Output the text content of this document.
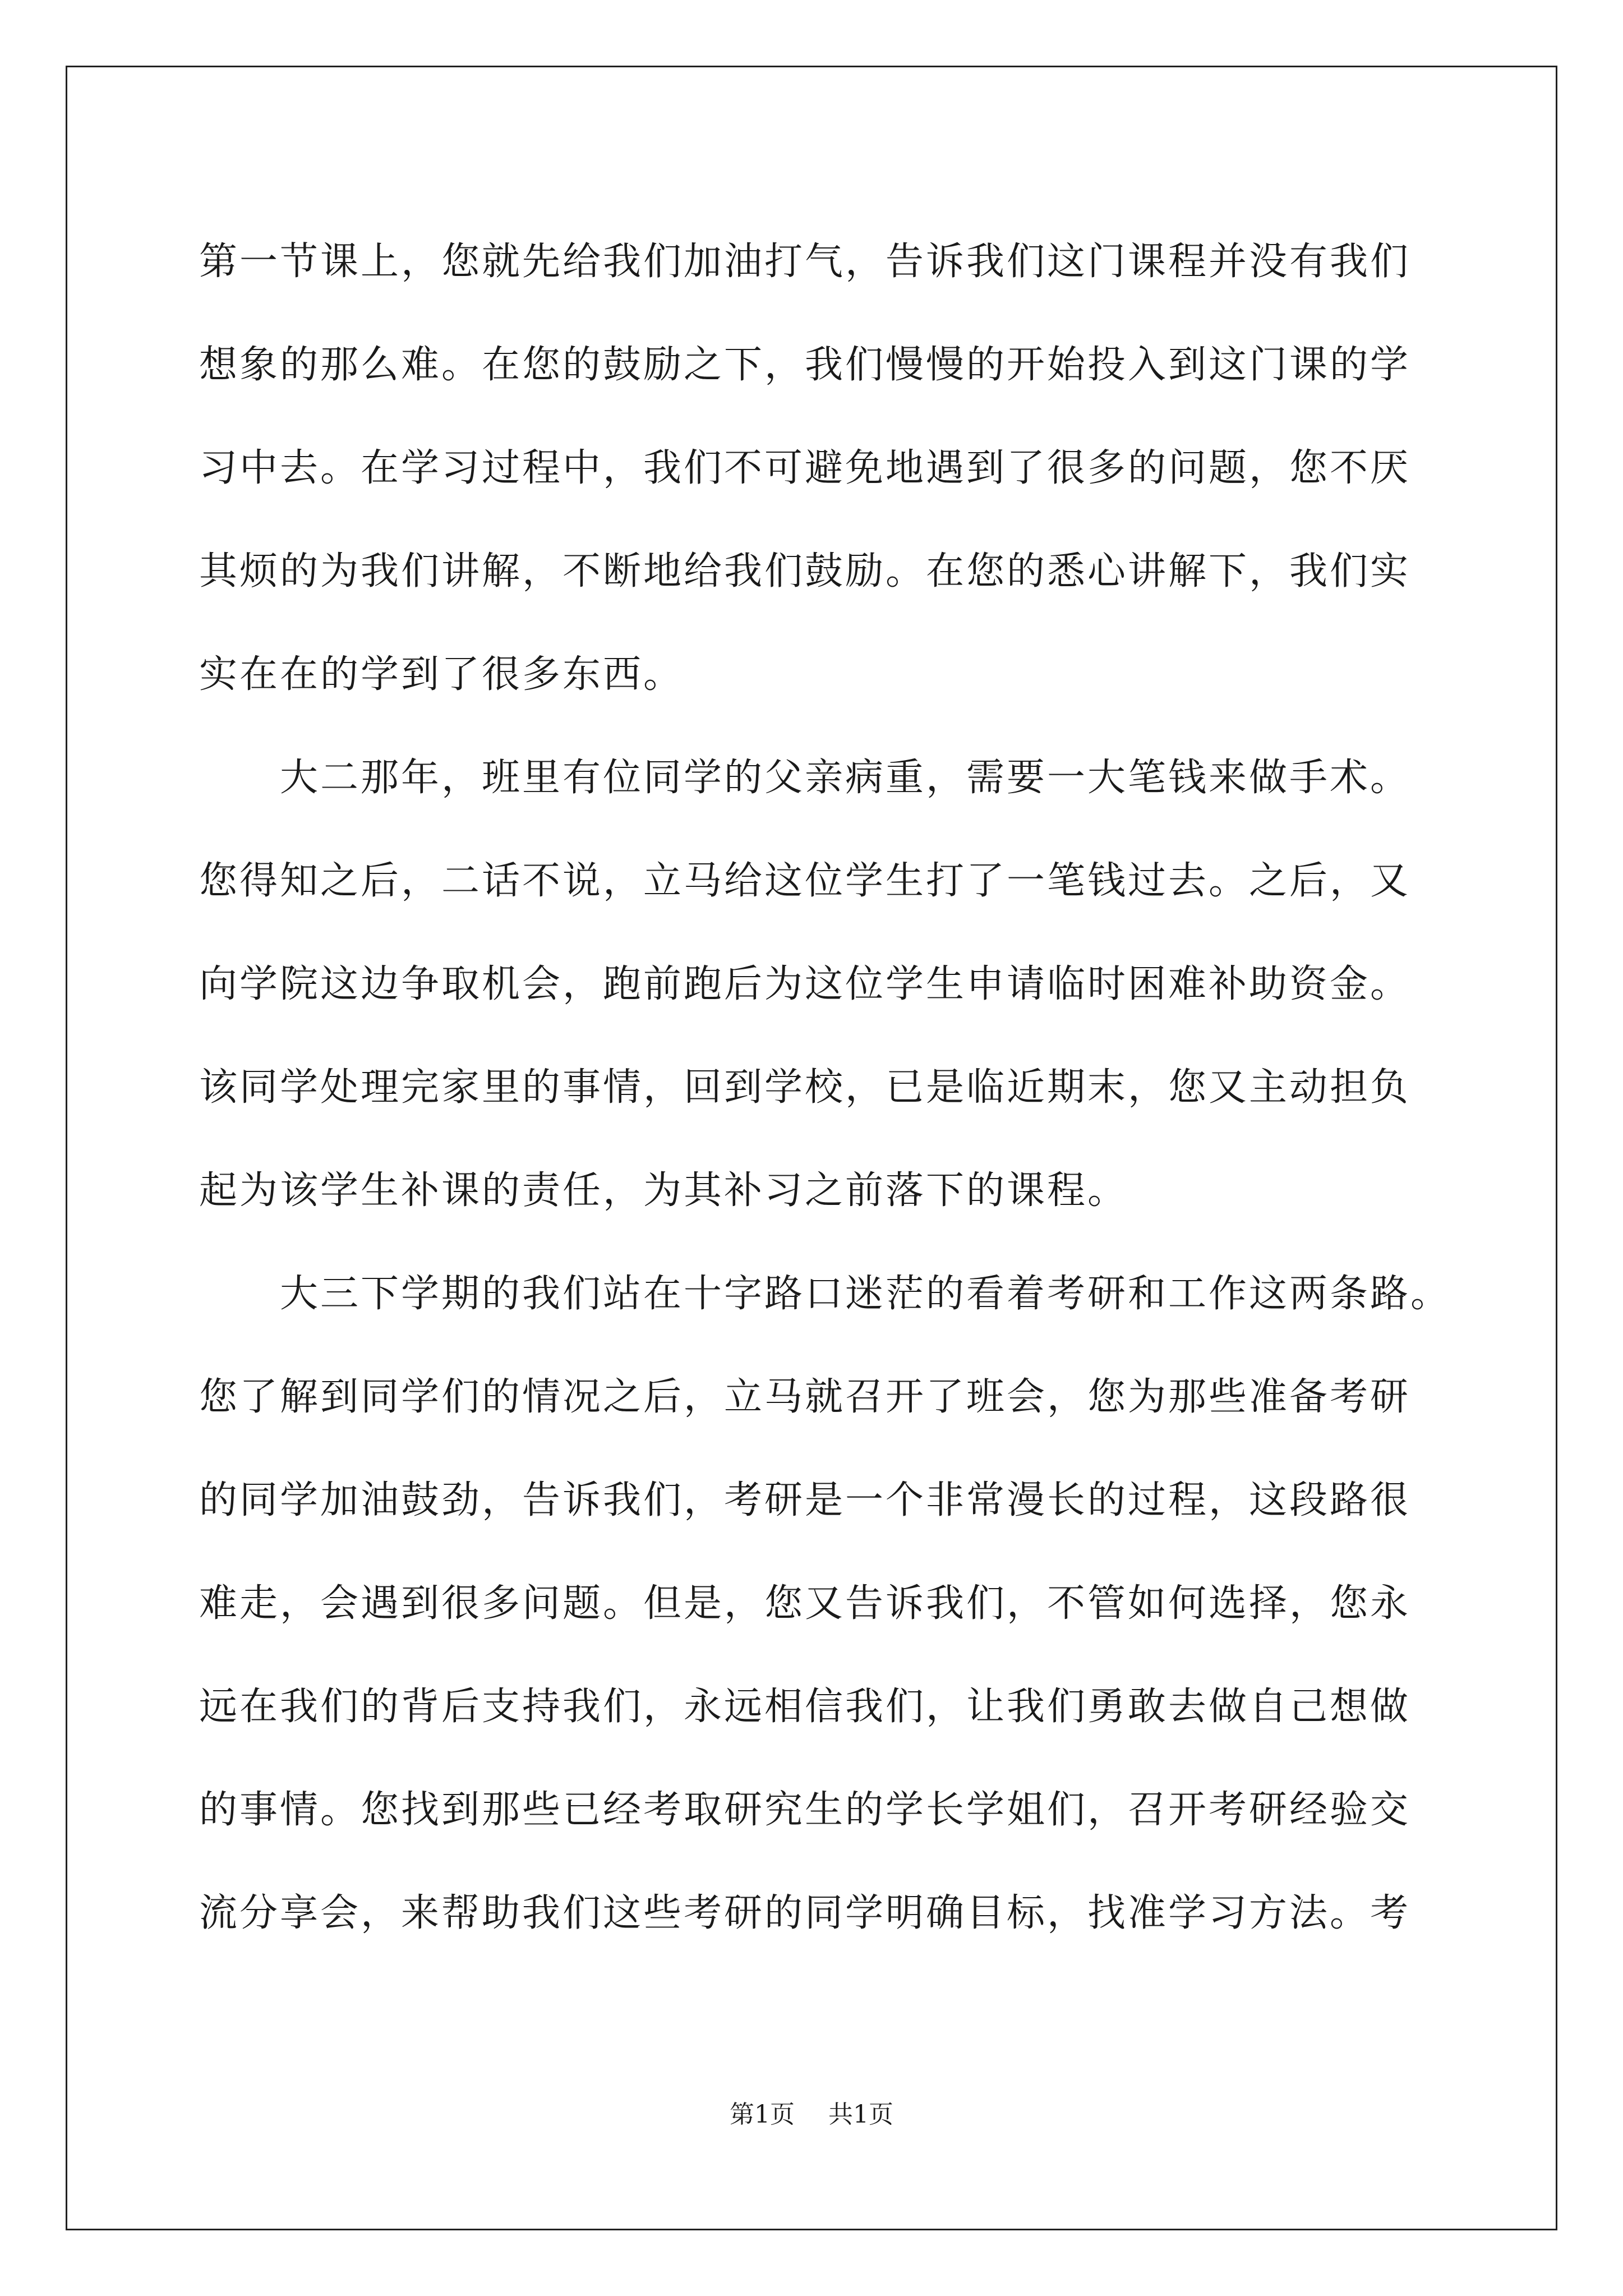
第一节课上，您就先给我们加油打气，告诉我们这门课程并没有我们
想象的那么难。在您的鼓励之下，我们慢慢的开始投入到这门课的学
习中去。在学习过程中，我们不可避免地遇到了很多的问题，您不厌
其烦的为我们讲解，不断地给我们鼓励。在您的悉心讲解下，我们实
实在在的学到了很多东西。
　　大二那年，班里有位同学的父亲病重，需要一大笔钱来做手术。
您得知之后，二话不说，立马给这位学生打了一笔钱过去。之后，又
向学院这边争取机会，跑前跑后为这位学生申请临时困难补助资金。
该同学处理完家里的事情，回到学校，已是临近期末，您又主动担负
起为该学生补课的责任，为其补习之前落下的课程。
　　大三下学期的我们站在十字路口迷茫的看着考研和工作这两条路。
您了解到同学们的情况之后，立马就召开了班会，您为那些准备考研
的同学加油鼓劲，告诉我们，考研是一个非常漫长的过程，这段路很
难走，会遇到很多问题。但是，您又告诉我们，不管如何选择，您永
远在我们的背后支持我们，永远相信我们，让我们勇敢去做自己想做
的事情。您找到那些已经考取研究生的学长学姐们，召开考研经验交
流分享会，来帮助我们这些考研的同学明确目标，找准学习方法。考
第1页 共1页
